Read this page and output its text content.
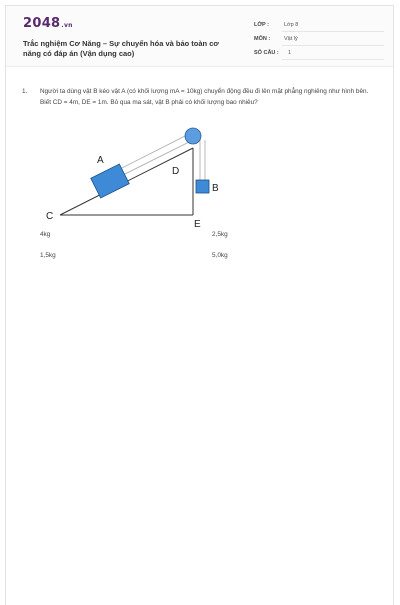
2048.vn
Trắc nghiệm Cơ Năng – Sự chuyển hóa và bảo toàn cơ năng có đáp án (Vận dụng cao)
LỚP :	Lớp 8
MÔN :	Vật lý
SỐ CÂU : 1
1. Người ta dùng vật B kéo vật A (có khối lượng mA = 10kg) chuyển động đều đi lên mặt phẳng nghiêng như hình bên. Biết CD = 4m, DE = 1m. Bỏ qua ma sát, vật B phải có khối lượng bao nhiêu?
A
B
C
D
E
4kg	2,5kg
1,5kg	5,0kg
